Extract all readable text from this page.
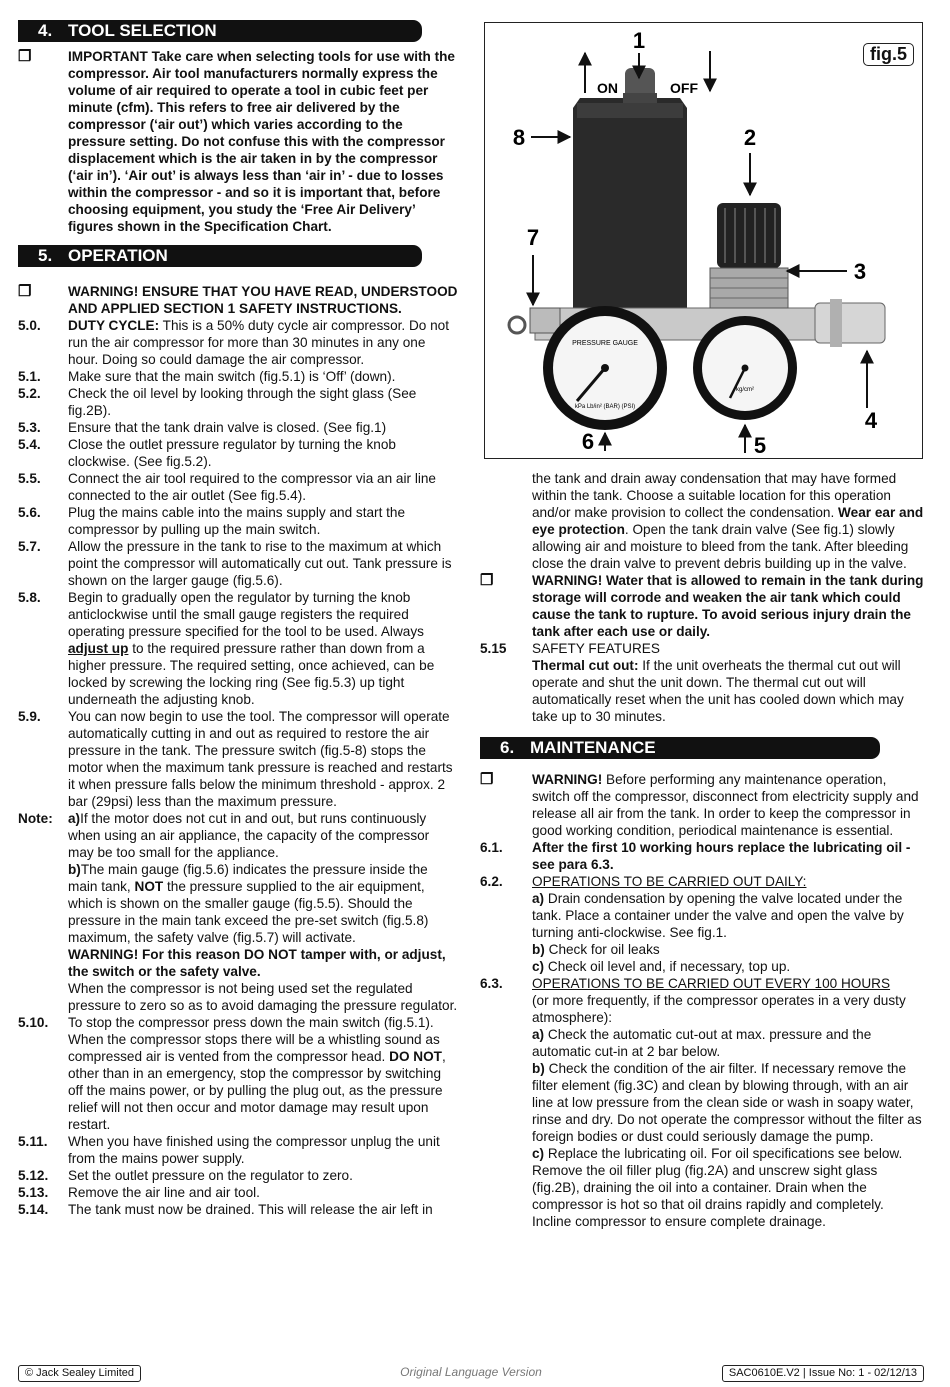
4. TOOL SELECTION
❐	IMPORTANT Take care when selecting tools for use with the compressor. Air tool manufacturers normally express the volume of air required to operate a tool in cubic feet per minute (cfm). This refers to free air delivered by the compressor (‘air out’) which varies according to the pressure setting. Do not confuse this with the compressor displacement which is the air taken in by the compressor (‘air in’). ‘Air out’ is always less than ‘air in’ - due to losses within the compressor - and so it is important that, before choosing equipment, you study the ‘Free Air Delivery’ figures shown in the Specification Chart.
5. OPERATION
❐	WARNING! ENSURE THAT YOU HAVE READ, UNDERSTOOD AND APPLIED SECTION 1 SAFETY INSTRUCTIONS.
5.0.	DUTY CYCLE: This is a 50% duty cycle air compressor. Do not run the air compressor for more than 30 minutes in any one hour. Doing so could damage the air compressor.
5.1.	Make sure that the main switch (fig.5.1) is ‘Off’ (down).
5.2.	Check the oil level by looking through the sight glass (See fig.2B).
5.3.	Ensure that the tank drain valve is closed. (See fig.1)
5.4.	Close the outlet pressure regulator by turning the knob clockwise. (See fig.5.2).
5.5.	Connect the air tool required to the compressor via an air line connected to the air outlet (See fig.5.4).
5.6.	Plug the mains cable into the mains supply and start the compressor by pulling up the main switch.
5.7.	Allow the pressure in the tank to rise to the maximum at which point the compressor will automatically cut out. Tank pressure is shown on the larger gauge (fig.5.6).
5.8.	Begin to gradually open the regulator by turning the knob anticlockwise until the small gauge registers the required operating pressure specified for the tool to be used. Always adjust up to the required pressure rather than down from a higher pressure. The required setting, once achieved, can be locked by screwing the locking ring (See fig.5.3) up tight underneath the adjusting knob.
5.9.	You can now begin to use the tool. The compressor will operate automatically cutting in and out as required to restore the air pressure in the tank. The pressure switch (fig.5-8) stops the motor when the maximum tank pressure is reached and restarts it when pressure falls below the minimum threshold - approx. 2 bar (29psi) less than the maximum pressure.
Note:	a)If the motor does not cut in and out, but runs continuously when using an air appliance, the capacity of the compressor may be too small for the appliance.
b)The main gauge (fig.5.6) indicates the pressure inside the main tank, NOT the pressure supplied to the air equipment, which is shown on the smaller gauge (fig.5.5). Should the pressure in the main tank exceed the pre-set switch (fig.5.8) maximum, the safety valve (fig.5.7) will activate.
WARNING! For this reason DO NOT tamper with, or adjust, the switch or the safety valve.
When the compressor is not being used set the regulated pressure to zero so as to avoid damaging the pressure regulator.
5.10.	To stop the compressor press down the main switch (fig.5.1). When the compressor stops there will be a whistling sound as compressed air is vented from the compressor head. DO NOT, other than in an emergency, stop the compressor by switching off the mains power, or by pulling the plug out, as the pressure relief will not then occur and motor damage may result upon restart.
5.11.	When you have finished using the compressor unplug the unit from the mains power supply.
5.12.	Set the outlet pressure on the regulator to zero.
5.13.	Remove the air line and air tool.
5.14.	The tank must now be drained. This will release the air left in
fig.5
PRESSURE GAUGE
kPa Lb/in² (BAR) (PSI)
kg/cm²
ON	OFF
1
2
3
4
5
6
7
8
the tank and drain away condensation that may have formed within the tank. Choose a suitable location for this operation and/or make provision to collect the condensation. Wear ear and eye protection. Open the tank drain valve (See fig.1) slowly allowing air and moisture to bleed from the tank. After bleeding close the drain valve to prevent debris building up in the valve.
❐	WARNING! Water that is allowed to remain in the tank during storage will corrode and weaken the air tank which could cause the tank to rupture. To avoid serious injury drain the tank after each use or daily.
5.15	SAFETY FEATURES
Thermal cut out: If the unit overheats the thermal cut out will operate and shut the unit down. The thermal cut out will automatically reset when the unit has cooled down which may take up to 30 minutes.
6. MAINTENANCE
❐	WARNING! Before performing any maintenance operation, switch off the compressor, disconnect from electricity supply and release all air from the tank. In order to keep the compressor in good working condition, periodical maintenance is essential.
6.1.	After the first 10 working hours replace the lubricating oil - see para 6.3.
6.2.	OPERATIONS TO BE CARRIED OUT DAILY:
a) Drain condensation by opening the valve located under the tank. Place a container under the valve and open the valve by turning anti-clockwise. See fig.1.
b) Check for oil leaks
c) Check oil level and, if necessary, top up.
6.3.	OPERATIONS TO BE CARRIED OUT EVERY 100 HOURS
(or more frequently, if the compressor operates in a very dusty atmosphere):
a) Check the automatic cut-out at max. pressure and the automatic cut-in at 2 bar below.
b) Check the condition of the air filter. If necessary remove the filter element (fig.3C) and clean by blowing through, with an air line at low pressure from the clean side or wash in soapy water, rinse and dry. Do not operate the compressor without the filter as foreign bodies or dust could seriously damage the pump.
c) Replace the lubricating oil. For oil specifications see below. Remove the oil filler plug (fig.2A) and unscrew sight glass (fig.2B), draining the oil into a container. Drain when the compressor is hot so that oil drains rapidly and completely. Incline compressor to ensure complete drainage.
Original Language Version
© Jack Sealey Limited	SAC0610E.V2 | Issue No: 1 - 02/12/13
